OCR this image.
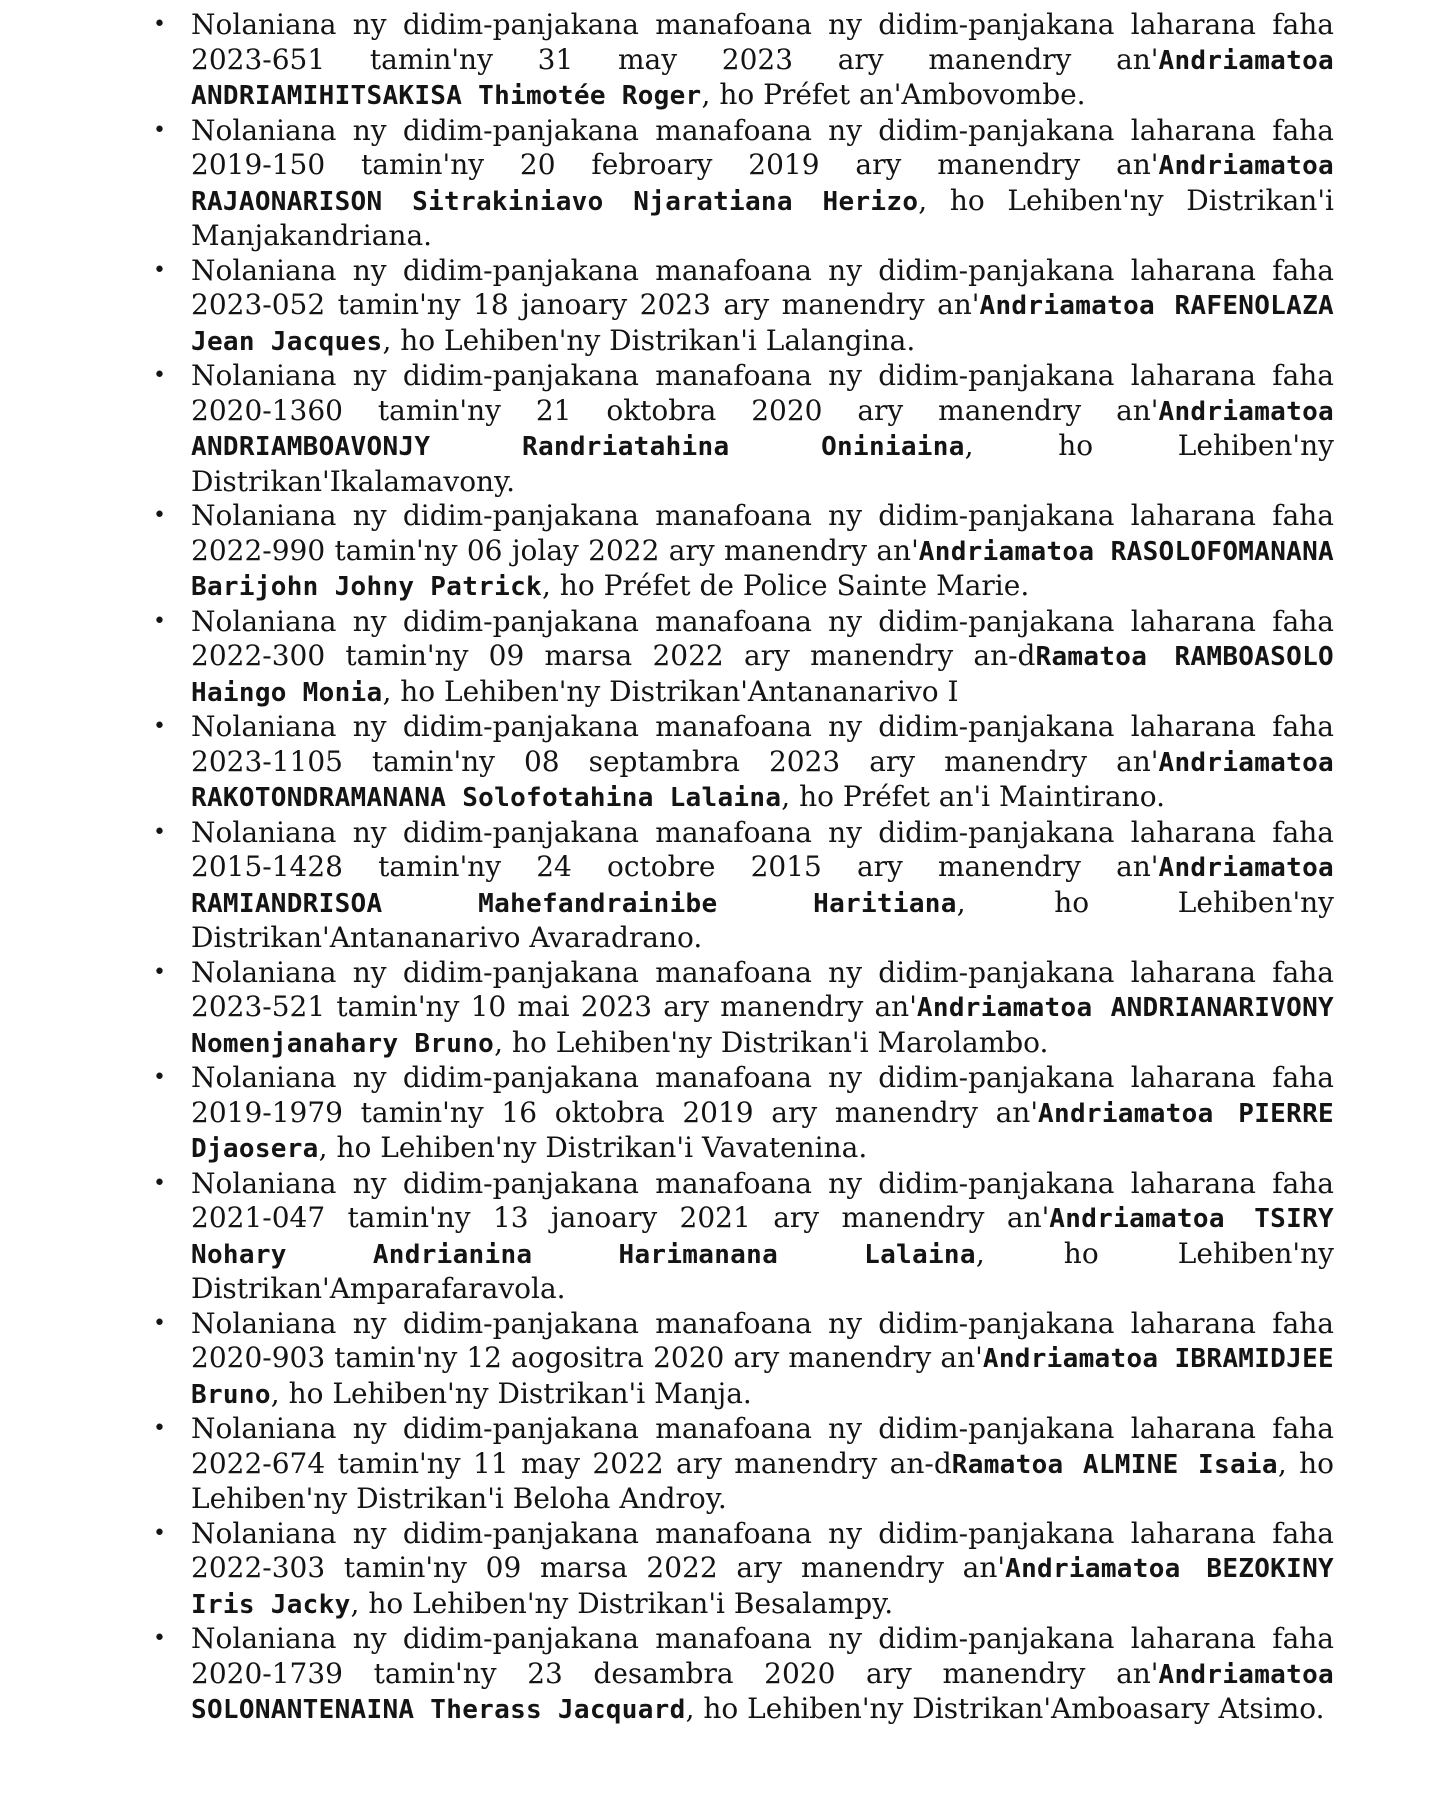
• Nolaniana ny didim-panjakana manafoana ny didim-panjakana laharana faha 2023-651 tamin'ny 31 may 2023 ary manendry an'Andriamatoa ANDRIAMIHITSAKISA Thimotée Roger, ho Préfet an'Ambovombe.
• Nolaniana ny didim-panjakana manafoana ny didim-panjakana laharana faha 2019-150 tamin'ny 20 febroary 2019 ary manendry an'Andriamatoa RAJAONARISON Sitrakiniavo Njaratiana Herizo, ho Lehiben'ny Distrikan'i Manjakandriana.
• Nolaniana ny didim-panjakana manafoana ny didim-panjakana laharana faha 2023-052 tamin'ny 18 janoary 2023 ary manendry an'Andriamatoa RAFENOLAZA Jean Jacques, ho Lehiben'ny Distrikan'i Lalangina.
• Nolaniana ny didim-panjakana manafoana ny didim-panjakana laharana faha 2020-1360 tamin'ny 21 oktobra 2020 ary manendry an'Andriamatoa ANDRIAMBOAVONJY Randriatahina Oniniaina, ho Lehiben'ny Distrikan'Ikalamavony.
• Nolaniana ny didim-panjakana manafoana ny didim-panjakana laharana faha 2022-990 tamin'ny 06 jolay 2022 ary manendry an'Andriamatoa RASOLOFOMANANA Barijohn Johny Patrick, ho Préfet de Police Sainte Marie.
• Nolaniana ny didim-panjakana manafoana ny didim-panjakana laharana faha 2022-300 tamin'ny 09 marsa 2022 ary manendry an-dRamatoa RAMBOASOLO Haingo Monia, ho Lehiben'ny Distrikan'Antananarivo I
• Nolaniana ny didim-panjakana manafoana ny didim-panjakana laharana faha 2023-1105 tamin'ny 08 septambra 2023 ary manendry an'Andriamatoa RAKOTONDRAMANANA Solofotahina Lalaina, ho Préfet an'i Maintirano.
• Nolaniana ny didim-panjakana manafoana ny didim-panjakana laharana faha 2015-1428 tamin'ny 24 octobre 2015 ary manendry an'Andriamatoa RAMIANDRISOA Mahefandrainibe Haritiana, ho Lehiben'ny Distrikan'Antananarivo Avaradrano.
• Nolaniana ny didim-panjakana manafoana ny didim-panjakana laharana faha 2023-521 tamin'ny 10 mai 2023 ary manendry an'Andriamatoa ANDRIANARIVONY Nomenjanahary Bruno, ho Lehiben'ny Distrikan'i Marolambo.
• Nolaniana ny didim-panjakana manafoana ny didim-panjakana laharana faha 2019-1979 tamin'ny 16 oktobra 2019 ary manendry an'Andriamatoa PIERRE Djaosera, ho Lehiben'ny Distrikan'i Vavatenina.
• Nolaniana ny didim-panjakana manafoana ny didim-panjakana laharana faha 2021-047 tamin'ny 13 janoary 2021 ary manendry an'Andriamatoa TSIRY Nohary Andrianina Harimanana Lalaina, ho Lehiben'ny Distrikan'Amparafaravola.
• Nolaniana ny didim-panjakana manafoana ny didim-panjakana laharana faha 2020-903 tamin'ny 12 aogositra 2020 ary manendry an'Andriamatoa IBRAMIDJEE Bruno, ho Lehiben'ny Distrikan'i Manja.
• Nolaniana ny didim-panjakana manafoana ny didim-panjakana laharana faha 2022-674 tamin'ny 11 may 2022 ary manendry an-dRamatoa ALMINE Isaia, ho Lehiben'ny Distrikan'i Beloha Androy.
• Nolaniana ny didim-panjakana manafoana ny didim-panjakana laharana faha 2022-303 tamin'ny 09 marsa 2022 ary manendry an'Andriamatoa BEZOKINY Iris Jacky, ho Lehiben'ny Distrikan'i Besalampy.
• Nolaniana ny didim-panjakana manafoana ny didim-panjakana laharana faha 2020-1739 tamin'ny 23 desambra 2020 ary manendry an'Andriamatoa SOLONANTENAINA Therass Jacquard, ho Lehiben'ny Distrikan'Amboasary Atsimo.
